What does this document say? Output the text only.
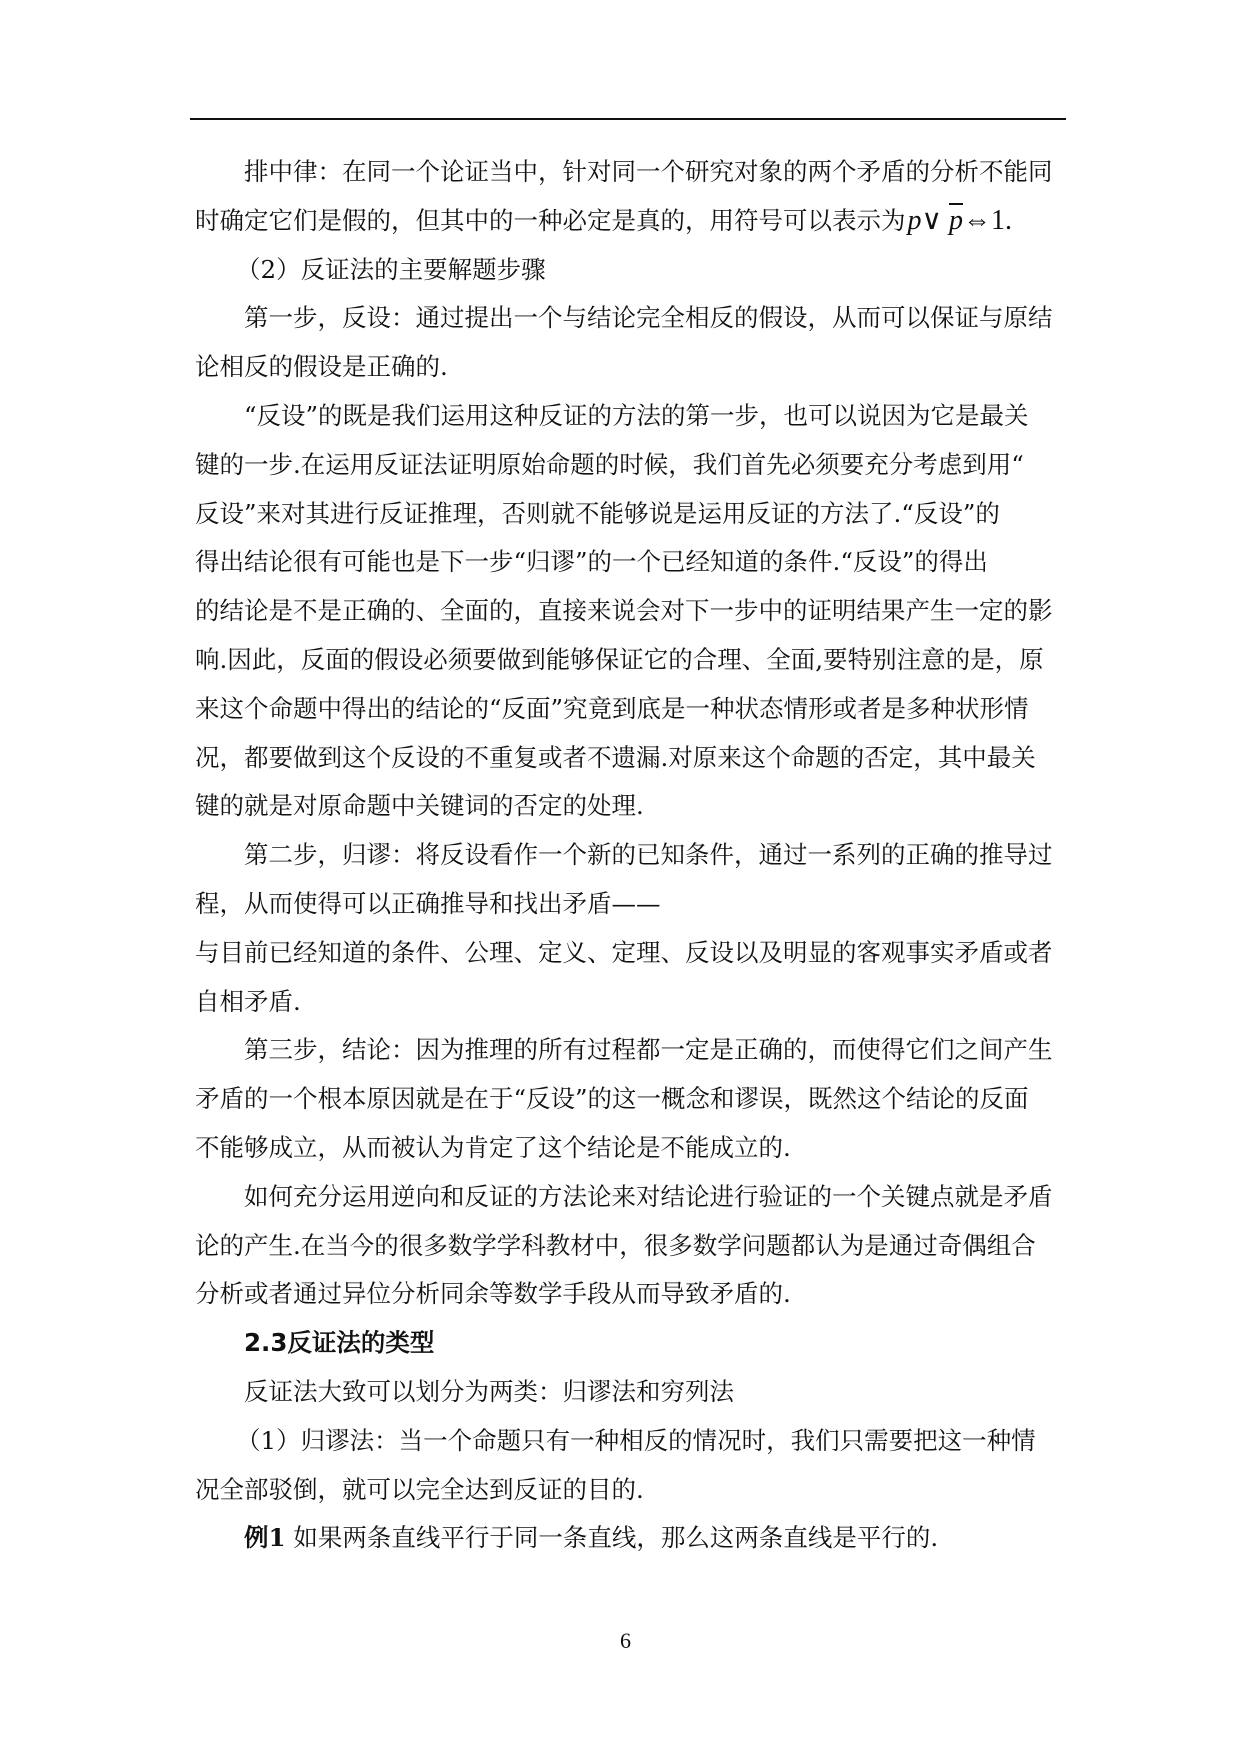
排中律：在同一个论证当中，针对同一个研究对象的两个矛盾的分析不能同
时确定它们是假的，但其中的一种必定是真的，用符号可以表示为p∨ $\overline{p}\Leftrightarrow 1$.
（2）反证法的主要解题步骤
第一步，反设：通过提出一个与结论完全相反的假设，从而可以保证与原结
论相反的假设是正确的.
“反设”的既是我们运用这种反证的方法的第一步，也可以说因为它是最关
键的一步.在运用反证法证明原始命题的时候，我们首先必须要充分考虑到用“
反设”来对其进行反证推理，否则就不能够说是运用反证的方法了.“反设”的
得出结论很有可能也是下一步“归谬”的一个已经知道的条件.“反设”的得出
的结论是不是正确的、全面的，直接来说会对下一步中的证明结果产生一定的影
响.因此，反面的假设必须要做到能够保证它的合理、全面,要特别注意的是，原
来这个命题中得出的结论的“反面”究竟到底是一种状态情形或者是多种状形情
况，都要做到这个反设的不重复或者不遗漏.对原来这个命题的否定，其中最关
键的就是对原命题中关键词的否定的处理.
第二步，归谬：将反设看作一个新的已知条件，通过一系列的正确的推导过
程，从而使得可以正确推导和找出矛盾——
与目前已经知道的条件、公理、定义、定理、反设以及明显的客观事实矛盾或者
自相矛盾.
第三步，结论：因为推理的所有过程都一定是正确的，而使得它们之间产生
矛盾的一个根本原因就是在于“反设”的这一概念和谬误，既然这个结论的反面
不能够成立，从而被认为肯定了这个结论是不能成立的.
如何充分运用逆向和反证的方法论来对结论进行验证的一个关键点就是矛盾
论的产生.在当今的很多数学学科教材中，很多数学问题都认为是通过奇偶组合
分析或者通过异位分析同余等数学手段从而导致矛盾的.
2.3反证法的类型
反证法大致可以划分为两类：归谬法和穷列法
（1）归谬法：当一个命题只有一种相反的情况时，我们只需要把这一种情
况全部驳倒，就可以完全达到反证的目的.
例1 如果两条直线平行于同一条直线，那么这两条直线是平行的.
6
